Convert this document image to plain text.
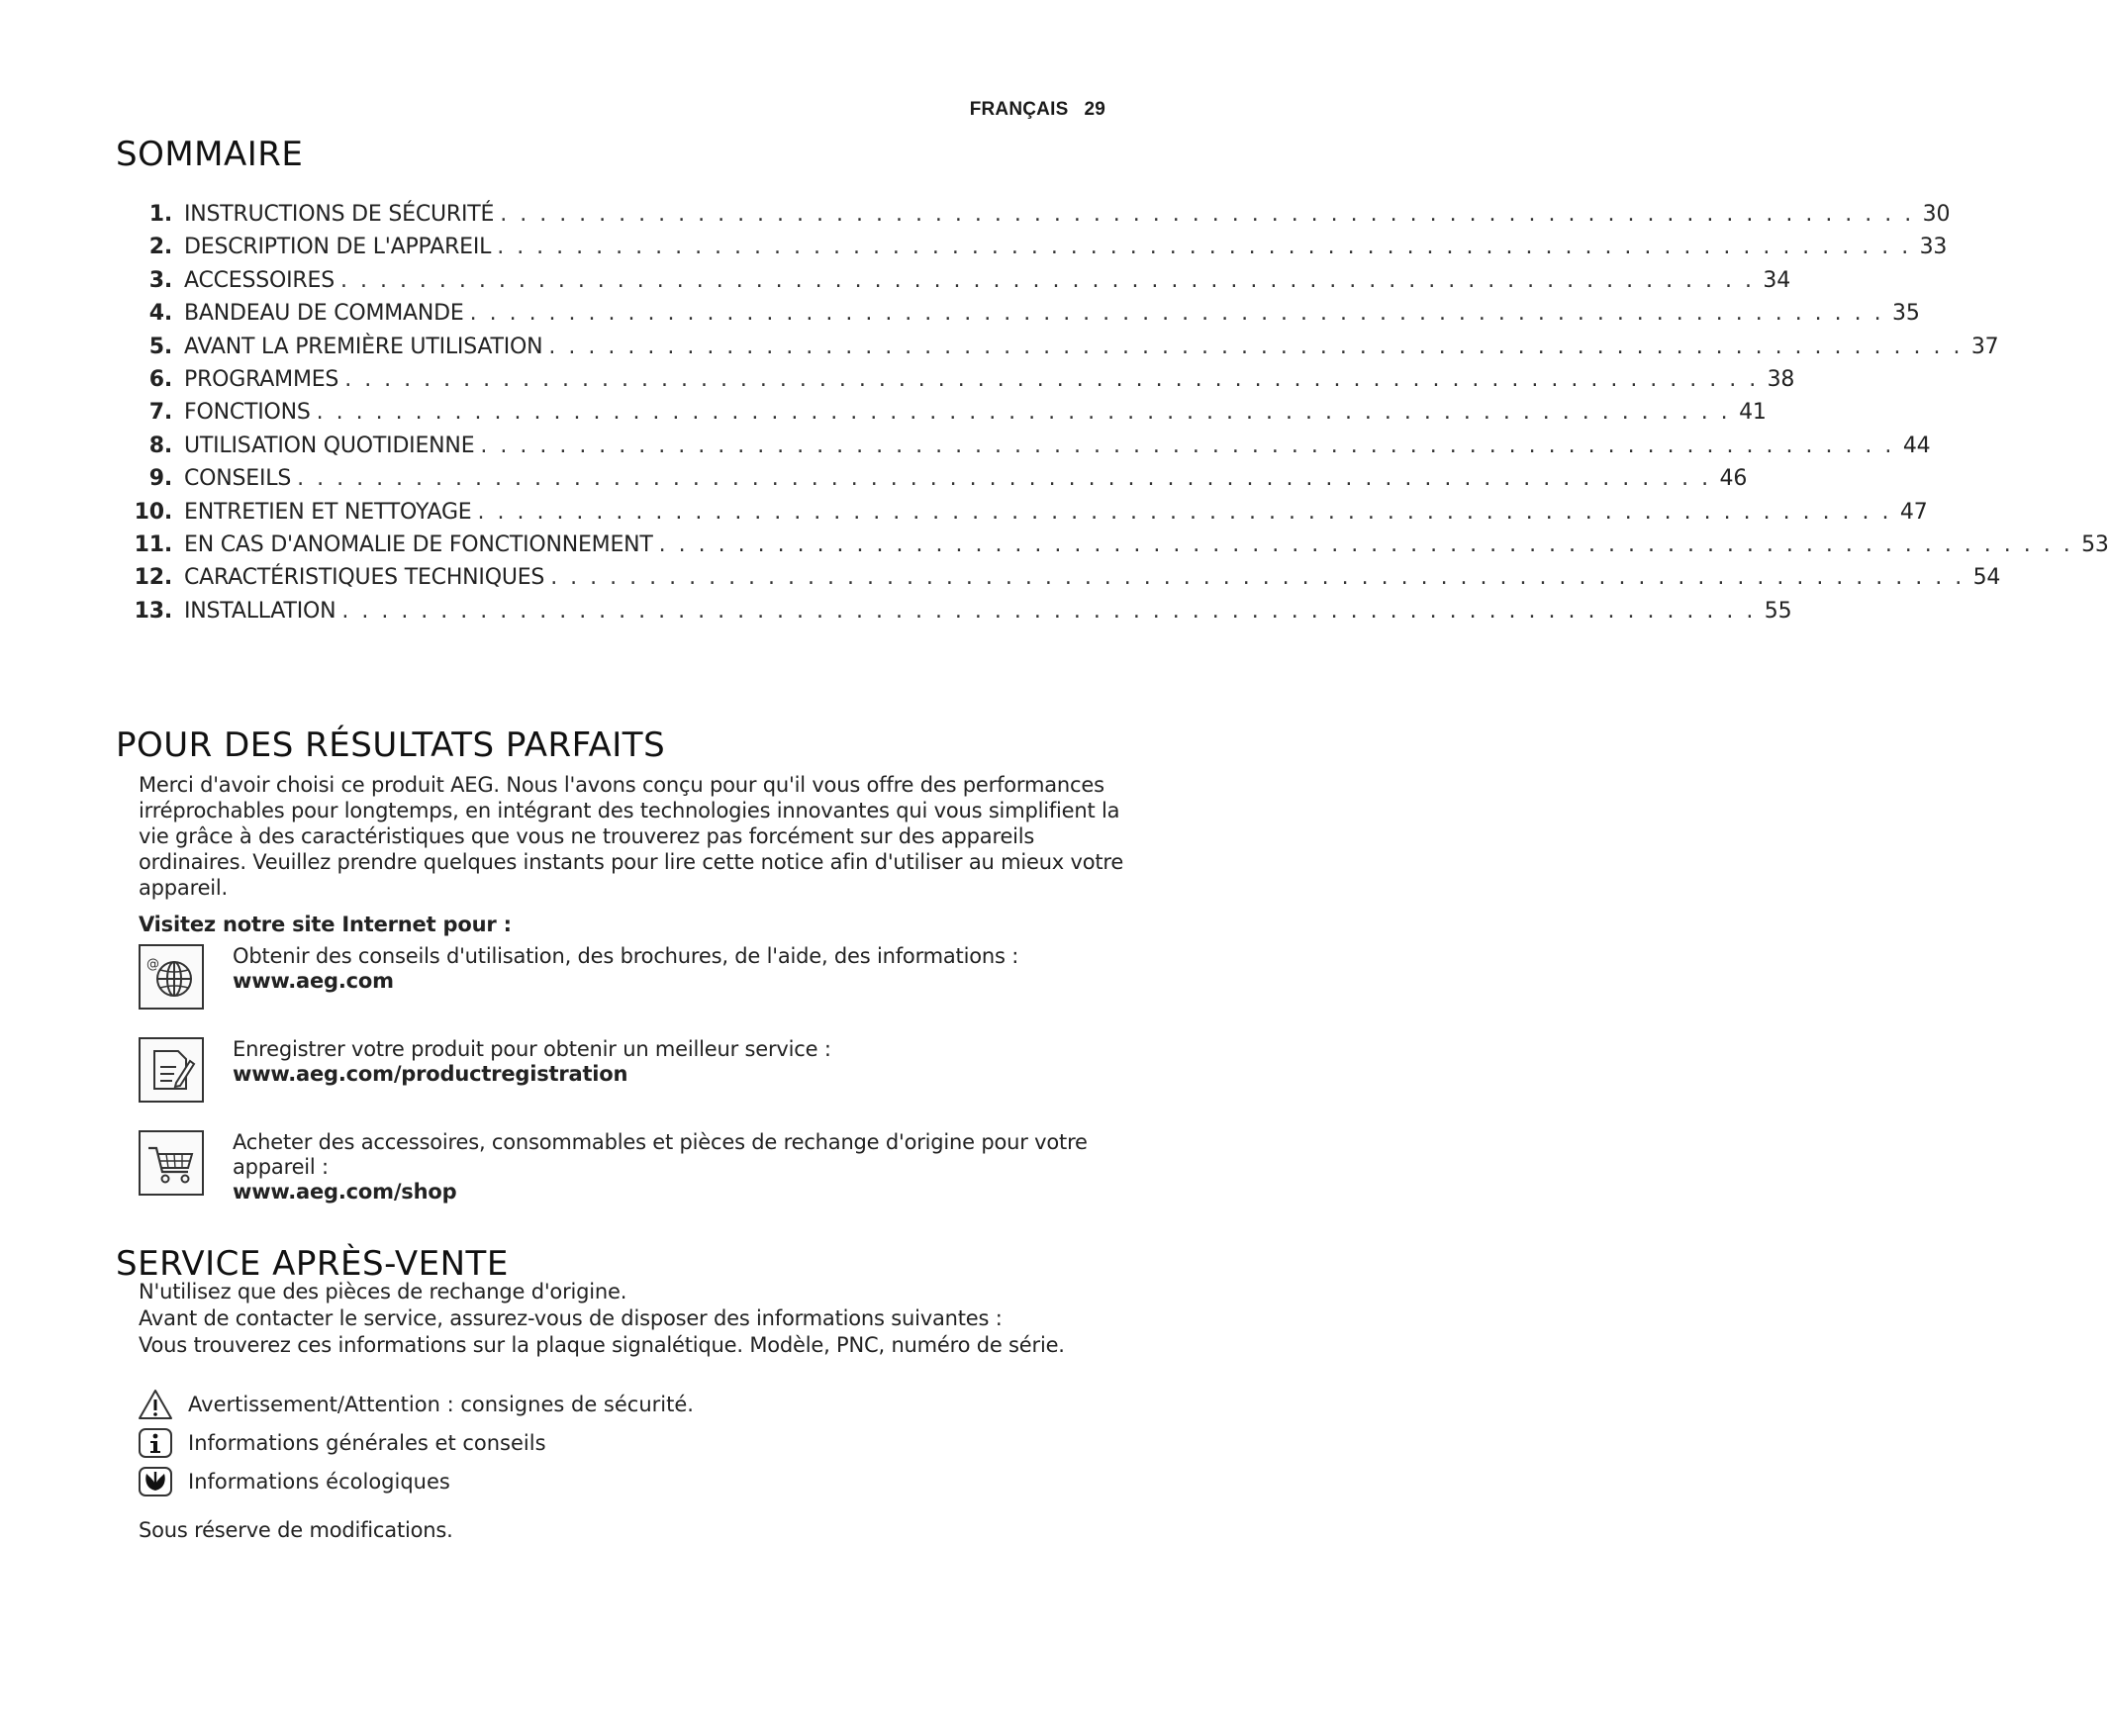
FRANÇAIS 29
SOMMAIRE
1. INSTRUCTIONS DE SÉCURITÉ . . . . . . . . . . . . . . . . . . . . . . . . . . . . . . . . . . . . . . . . . . . . . . . . . . . . . . . . . . . . . . . . . . . . . . . . 30
2. DESCRIPTION DE L'APPAREIL . . . . . . . . . . . . . . . . . . . . . . . . . . . . . . . . . . . . . . . . . . . . . . . . . . . . . . . . . . . . . . . . . . . . . . . . 33
3. ACCESSOIRES . . . . . . . . . . . . . . . . . . . . . . . . . . . . . . . . . . . . . . . . . . . . . . . . . . . . . . . . . . . . . . . . . . . . . . . . 34
4. BANDEAU DE COMMANDE . . . . . . . . . . . . . . . . . . . . . . . . . . . . . . . . . . . . . . . . . . . . . . . . . . . . . . . . . . . . . . . . . . . . . . . . 35
5. AVANT LA PREMIÈRE UTILISATION . . . . . . . . . . . . . . . . . . . . . . . . . . . . . . . . . . . . . . . . . . . . . . . . . . . . . . . . . . . . . . . . . . . . . . . . 37
6. PROGRAMMES . . . . . . . . . . . . . . . . . . . . . . . . . . . . . . . . . . . . . . . . . . . . . . . . . . . . . . . . . . . . . . . . . . . . . . . . 38
7. FONCTIONS . . . . . . . . . . . . . . . . . . . . . . . . . . . . . . . . . . . . . . . . . . . . . . . . . . . . . . . . . . . . . . . . . . . . . . . . 41
8. UTILISATION QUOTIDIENNE . . . . . . . . . . . . . . . . . . . . . . . . . . . . . . . . . . . . . . . . . . . . . . . . . . . . . . . . . . . . . . . . . . . . . . . . 44
9. CONSEILS . . . . . . . . . . . . . . . . . . . . . . . . . . . . . . . . . . . . . . . . . . . . . . . . . . . . . . . . . . . . . . . . . . . . . . . . 46
10. ENTRETIEN ET NETTOYAGE . . . . . . . . . . . . . . . . . . . . . . . . . . . . . . . . . . . . . . . . . . . . . . . . . . . . . . . . . . . . . . . . . . . . . . . . 47
11. EN CAS D'ANOMALIE DE FONCTIONNEMENT . . . . . . . . . . . . . . . . . . . . . . . . . . . . . . . . . . . . . . . . . . . . . . . . . . . . . . . . . . . . . . . . . . . . . . . . 53
12. CARACTÉRISTIQUES TECHNIQUES . . . . . . . . . . . . . . . . . . . . . . . . . . . . . . . . . . . . . . . . . . . . . . . . . . . . . . . . . . . . . . . . . . . . . . . . 54
13. INSTALLATION . . . . . . . . . . . . . . . . . . . . . . . . . . . . . . . . . . . . . . . . . . . . . . . . . . . . . . . . . . . . . . . . . . . . . . . . 55
POUR DES RÉSULTATS PARFAITS

Merci d'avoir choisi ce produit AEG. Nous l'avons conçu pour qu'il vous offre des performances irréprochables pour longtemps, en intégrant des technologies innovantes qui vous simplifient la vie grâce à des caractéristiques que vous ne trouverez pas forcément sur des appareils ordinaires. Veuillez prendre quelques instants pour lire cette notice afin d'utiliser au mieux votre appareil.

Visitez notre site Internet pour :

@	Obtenir des conseils d'utilisation, des brochures, de l'aide, des informations :
www.aeg.com
Enregistrer votre produit pour obtenir un meilleur service :
www.aeg.com/productregistration
Acheter des accessoires, consommables et pièces de rechange d'origine pour votre appareil :
www.aeg.com/shop
SERVICE APRÈS-VENTE
N'utilisez que des pièces de rechange d'origine.
Avant de contacter le service, assurez-vous de disposer des informations suivantes :
Vous trouverez ces informations sur la plaque signalétique. Modèle, PNC, numéro de série.
Avertissement/Attention : consignes de sécurité.
Informations générales et conseils
Informations écologiques

Sous réserve de modifications.
